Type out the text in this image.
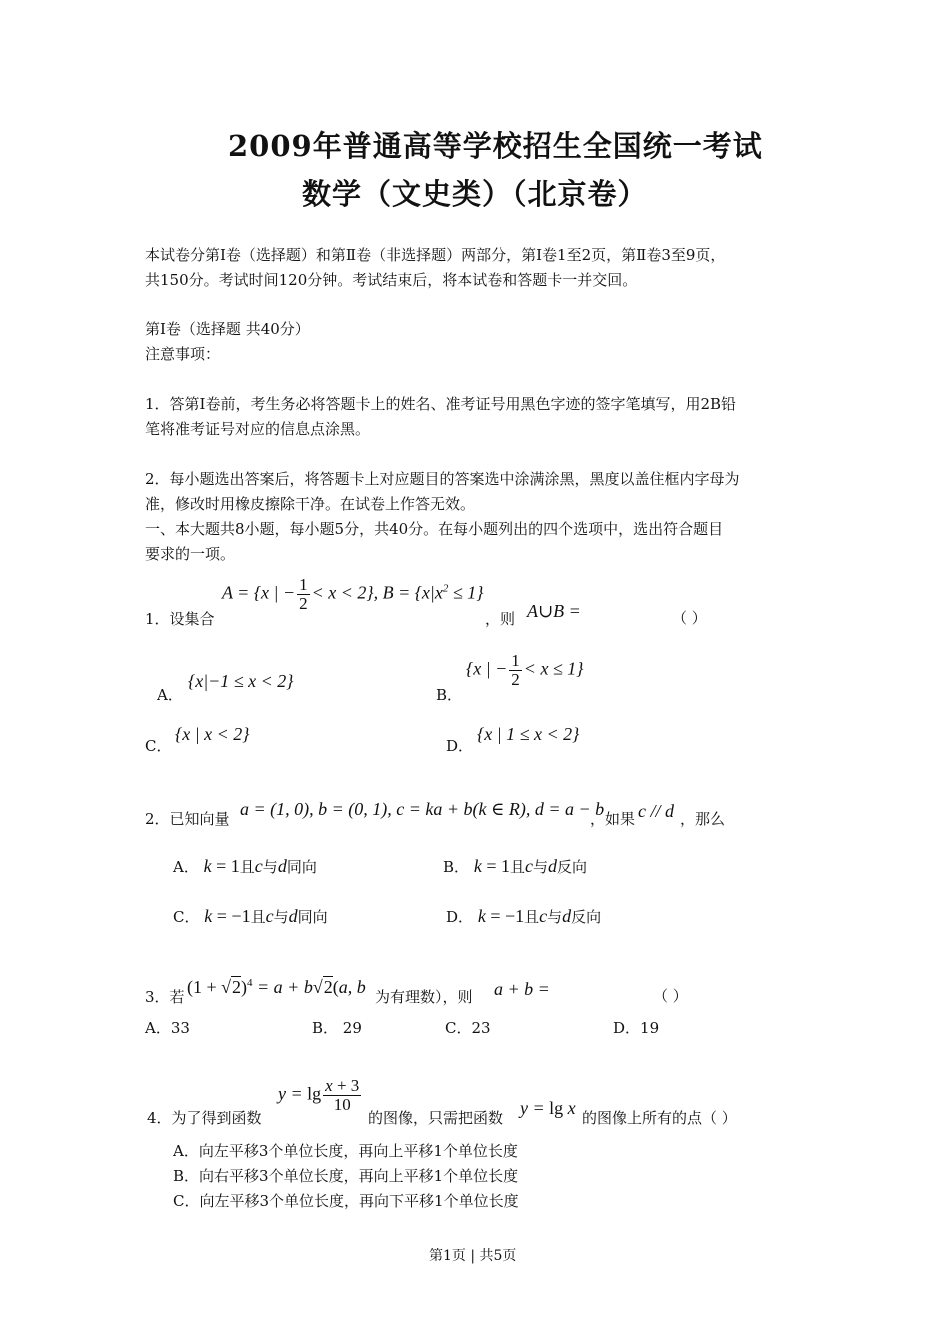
2009年普通高等学校招生全国统一考试
数学（文史类）（北京卷）
本试卷分第I卷（选择题）和第Ⅱ卷（非选择题）两部分，第I卷1至2页，第Ⅱ卷3至9页，
共150分。考试时间120分钟。考试结束后，将本试卷和答题卡一并交回。
第I卷（选择题 共40分）
注意事项：
1．答第I卷前，考生务必将答题卡上的姓名、准考证号用黑色字迹的签字笔填写，用2B铅
笔将准考证号对应的信息点涂黑。
2．每小题选出答案后，将答题卡上对应题目的答案选中涂满涂黑，黑度以盖住框内字母为
准，修改时用橡皮擦除干净。在试卷上作答无效。
一、本大题共8小题，每小题5分，共40分。在每小题列出的四个选项中，选出符合题目
要求的一项。
1．设集合
A = {x | − $\frac{1}{2} < x < 2$}, $B = \{x|x^2 \le 1\}$
，则 A∪B =	（ ）
A．
{x|−1 ≤ x < 2}
B．
{x | − $\frac{1}{2} < x \le 1$}
C．
{x | x < 2}
D．
{x | 1 ≤ x < 2}
2．已知向量 a = (1, 0), b = (0, 1), c = ka + b(k ∈ R), d = a − b
，如果 c // d ，那么
A． k = 1且c与d同向	B． k = 1且c与d反向
C． k = −1且c与d同向	D． k = −1且c与d反向
3．若 $(1 + √2)^4 = a + b√2(a$, b 为有理数），则 a + b =	（ ）
A．33	B． 29	C．23	D．19
4．为了得到函数
$y = \lg \frac{x + 3}{10}$
的图像，只需把函数 y = lg x 的图像上所有的点（ ）
A．向左平移3个单位长度，再向上平移1个单位长度
B．向右平移3个单位长度，再向上平移1个单位长度
C．向左平移3个单位长度，再向下平移1个单位长度
第1页 | 共5页
